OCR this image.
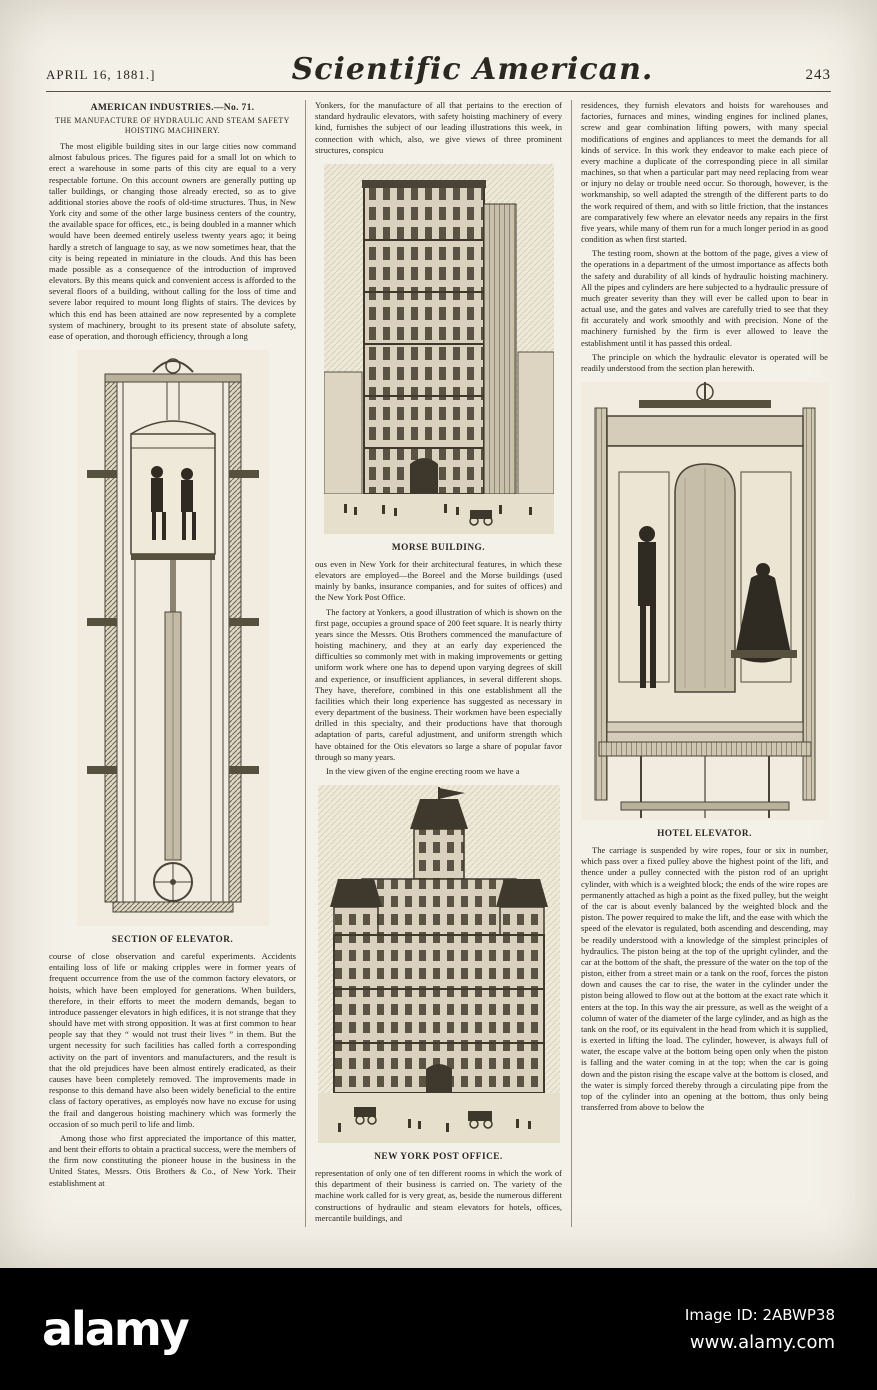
APRIL 16, 1881.]	Scientific American.	243
AMERICAN INDUSTRIES.—No. 71.
THE MANUFACTURE OF HYDRAULIC AND STEAM SAFETY
HOISTING MACHINERY.

The most eligible building sites in our large cities now command almost fabulous prices. The figures paid for a small lot on which to erect a warehouse in some parts of this city are equal to a very respectable fortune. On this account owners are generally putting up taller buildings, or changing those already erected, so as to give additional stories above the roofs of old-time structures. Thus, in New York city and some of the other large business centers of the country, the available space for offices, etc., is being doubled in a manner which would have been deemed entirely useless twenty years ago; it being hardly a stretch of language to say, as we now sometimes hear, that the city is being repeated in miniature in the clouds. And this has been made possible as a consequence of the introduction of improved elevators. By this means quick and convenient access is afforded to the several floors of a building, without calling for the loss of time and severe labor required to mount long flights of stairs. The devices by which this end has been attained are now represented by a complete system of machinery, brought to its present state of absolute safety, ease of operation, and thorough efficiency, through a long

SECTION OF ELEVATOR.

course of close observation and careful experiments. Accidents entailing loss of life or making cripples were in former years of frequent occurrence from the use of the common factory elevators, or hoists, which have been employed for generations. When builders, therefore, in their efforts to meet the modern demands, began to introduce passenger elevators in high edifices, it is not strange that they should have met with strong opposition. It was at first common to hear people say that they “ would not trust their lives ” in them. But the urgent necessity for such facilities has called forth a corresponding activity on the part of inventors and manufacturers, and the result is that the old prejudices have been almost entirely eradicated, as their causes have been completely removed. The improvements made in response to this demand have also been widely beneficial to the entire class of factory operatives, as employés now have no excuse for using the frail and dangerous hoisting machinery which was formerly the occasion of so much peril to life and limb.

Among those who first appreciated the importance of this matter, and bent their efforts to obtain a practical success, were the members of the firm now constituting the pioneer house in the business in the United States, Messrs. Otis Brothers & Co., of New York. Their establishment at

Yonkers, for the manufacture of all that pertains to the erection of standard hydraulic elevators, with safety hoisting machinery of every kind, furnishes the subject of our leading illustrations this week, in connection with which, also, we give views of three prominent structures, conspicu

MORSE BUILDING.

ous even in New York for their architectural features, in which these elevators are employed—the Boreel and the Morse buildings (used mainly by banks, insurance companies, and for suites of offices) and the New York Post Office.

The factory at Yonkers, a good illustration of which is shown on the first page, occupies a ground space of 200 feet square. It is nearly thirty years since the Messrs. Otis Brothers commenced the manufacture of hoisting machinery, and they at an early day experienced the difficulties so commonly met with in making improvements or getting uniform work where one has to depend upon varying degrees of skill and experience, or insufficient appliances, in several different shops. They have, therefore, combined in this one establishment all the facilities which their long experience has suggested as necessary in every department of the business. Their workmen have been especially drilled in this specialty, and their productions have that thorough adaptation of parts, careful adjustment, and uniform strength which have obtained for the Otis elevators so large a share of popular favor through so many years.

In the view given of the engine erecting room we have a

NEW YORK POST OFFICE.

representation of only one of ten different rooms in which the work of this department of their business is carried on. The variety of the machine work called for is very great, as, beside the numerous different constructions of hydraulic and steam elevators for hotels, offices, mercantile buildings, and

residences, they furnish elevators and hoists for warehouses and factories, furnaces and mines, winding engines for inclined planes, screw and gear combination lifting powers, with many special modifications of engines and appliances to meet the demands for all kinds of service. In this work they endeavor to make each piece of every machine a duplicate of the corresponding piece in all similar machines, so that when a particular part may need replacing from wear or injury no delay or trouble need occur. So thorough, however, is the workmanship, so well adapted the strength of the different parts to do the work required of them, and with so little friction, that the instances are comparatively few where an elevator needs any repairs in the first five years, while many of them run for a much longer period in as good condition as when first started.

The testing room, shown at the bottom of the page, gives a view of the operations in a department of the utmost importance as affects both the safety and durability of all kinds of hydraulic hoisting machinery. All the pipes and cylinders are here subjected to a hydraulic pressure of much greater severity than they will ever be called upon to bear in actual use, and the gates and valves are carefully tried to see that they fit accurately and work smoothly and with precision. None of the machinery furnished by the firm is ever allowed to leave the establishment until it has passed this ordeal.

The principle on which the hydraulic elevator is operated will be readily understood from the section plan herewith.

HOTEL ELEVATOR.

The carriage is suspended by wire ropes, four or six in number, which pass over a fixed pulley above the highest point of the lift, and thence under a pulley connected with the piston rod of an upright cylinder, with which is a weighted block; the ends of the wire ropes are permanently attached as high a point as the fixed pulley, but the weight of the car is about evenly balanced by the weighted block and the piston. The power required to make the lift, and the ease with which the speed of the elevator is regulated, both ascending and descending, may be readily understood with a knowledge of the simplest principles of hydraulics. The piston being at the top of the upright cylinder, and the car at the bottom of the shaft, the pressure of the water on the top of the piston, either from a street main or a tank on the roof, forces the piston down and causes the car to rise, the water in the cylinder under the piston being allowed to flow out at the bottom at the exact rate which it enters at the top. In this way the air pressure, as well as the weight of a column of water of the diameter of the large cylinder, and as high as the tank on the roof, or its equivalent in the head from which it is supplied, is exerted in lifting the load. The cylinder, however, is always full of water, the escape valve at the bottom being open only when the piston is falling and the water coming in at the top; when the car is going down and the piston rising the escape valve at the bottom is closed, and the water is simply forced thereby through a circulating pipe from the top of the cylinder into an opening at the bottom, thus only being transferred from above to below the

alamy	Image ID: 2ABWP38
www.alamy.com
